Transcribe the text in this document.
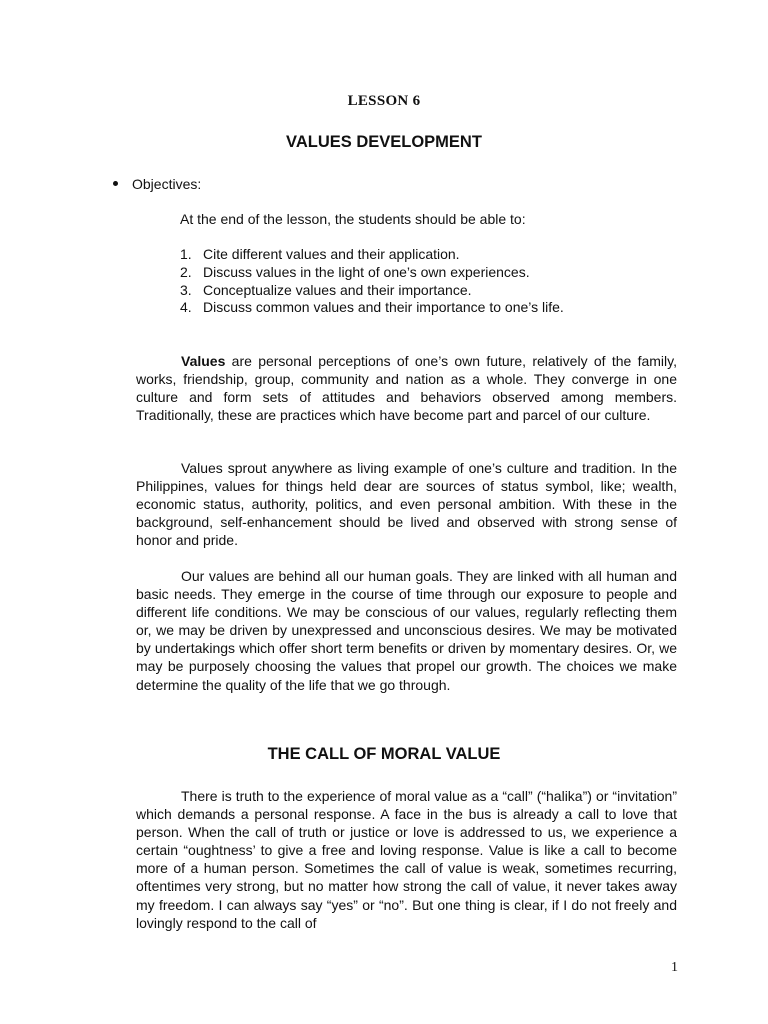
LESSON 6
VALUES DEVELOPMENT
Objectives:

At the end of the lesson, the students should be able to:

1. Cite different values and their application.
2. Discuss values in the light of one’s own experiences.
3. Conceptualize values and their importance.
4. Discuss common values and their importance to one’s life.

Values are personal perceptions of one’s own future, relatively of the family, works, friendship, group, community and nation as a whole. They converge in one culture and form sets of attitudes and behaviors observed among members. Traditionally, these are practices which have become part and parcel of our culture.

Values sprout anywhere as living example of one’s culture and tradition. In the Philippines, values for things held dear are sources of status symbol, like; wealth, economic status, authority, politics, and even personal ambition. With these in the background, self-enhancement should be lived and observed with strong sense of honor and pride.

Our values are behind all our human goals. They are linked with all human and basic needs. They emerge in the course of time through our exposure to people and different life conditions. We may be conscious of our values, regularly reflecting them or, we may be driven by unexpressed and unconscious desires. We may be motivated by undertakings which offer short term benefits or driven by momentary desires. Or, we may be purposely choosing the values that propel our growth. The choices we make determine the quality of the life that we go through.

THE CALL OF MORAL VALUE

There is truth to the experience of moral value as a “call” (“halika”) or “invitation” which demands a personal response. A face in the bus is already a call to love that person. When the call of truth or justice or love is addressed to us, we experience a certain “oughtness’ to give a free and loving response. Value is like a call to become more of a human person. Sometimes the call of value is weak, sometimes recurring, oftentimes very strong, but no matter how strong the call of value, it never takes away my freedom. I can always say “yes” or “no”. But one thing is clear, if I do not freely and lovingly respond to the call of

1
